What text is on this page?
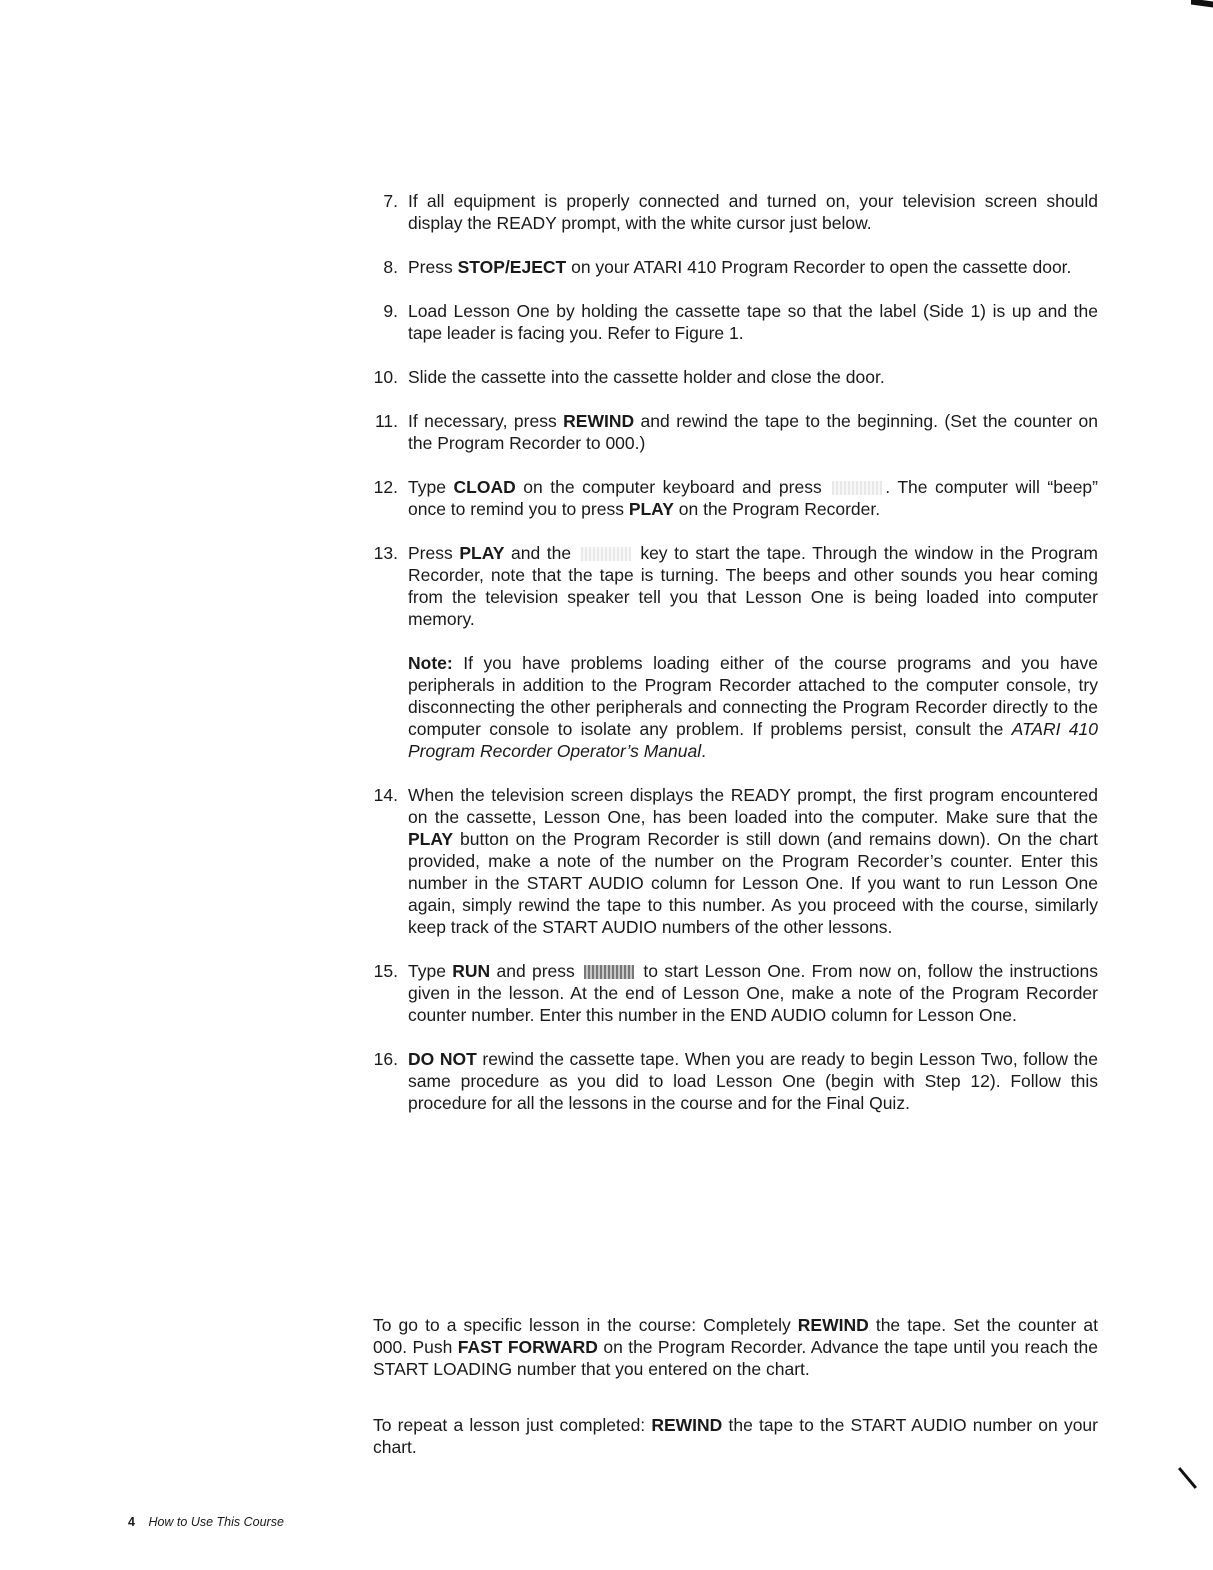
7. If all equipment is properly connected and turned on, your television screen should display the READY prompt, with the white cursor just below.

8. Press STOP/EJECT on your ATARI 410 Program Recorder to open the cassette door.

9. Load Lesson One by holding the cassette tape so that the label (Side 1) is up and the tape leader is facing you. Refer to Figure 1.

10. Slide the cassette into the cassette holder and close the door.

11. If necessary, press REWIND and rewind the tape to the beginning. (Set the counter on the Program Recorder to 000.)

12. Type CLOAD on the computer keyboard and press	. The computer will “beep” once to remind you to press PLAY on the Program Recorder.

13. Press PLAY and the	key to start the tape. Through the window in the Program Recorder, note that the tape is turning. The beeps and other sounds you hear coming from the television speaker tell you that Lesson One is being loaded into computer memory.

Note: If you have problems loading either of the course programs and you have peripherals in addition to the Program Recorder attached to the computer console, try disconnecting the other peripherals and connecting the Program Recorder directly to the computer console to isolate any problem. If problems persist, consult the ATARI 410 Program Recorder Operator’s Manual.

14. When the television screen displays the READY prompt, the first program encountered on the cassette, Lesson One, has been loaded into the computer. Make sure that the PLAY button on the Program Recorder is still down (and remains down). On the chart provided, make a note of the number on the Program Recorder’s counter. Enter this number in the START AUDIO column for Lesson One. If you want to run Lesson One again, simply rewind the tape to this number. As you proceed with the course, similarly keep track of the START AUDIO numbers of the other lessons.

15. Type RUN and press	to start Lesson One. From now on, follow the instructions given in the lesson. At the end of Lesson One, make a note of the Program Recorder counter number. Enter this number in the END AUDIO column for Lesson One.

16. DO NOT rewind the cassette tape. When you are ready to begin Lesson Two, follow the same procedure as you did to load Lesson One (begin with Step 12). Follow this procedure for all the lessons in the course and for the Final Quiz.

To go to a specific lesson in the course: Completely REWIND the tape. Set the counter at 000. Push FAST FORWARD on the Program Recorder. Advance the tape until you reach the START LOADING number that you entered on the chart.

To repeat a lesson just completed: REWIND the tape to the START AUDIO number on your chart.

4 How to Use This Course
